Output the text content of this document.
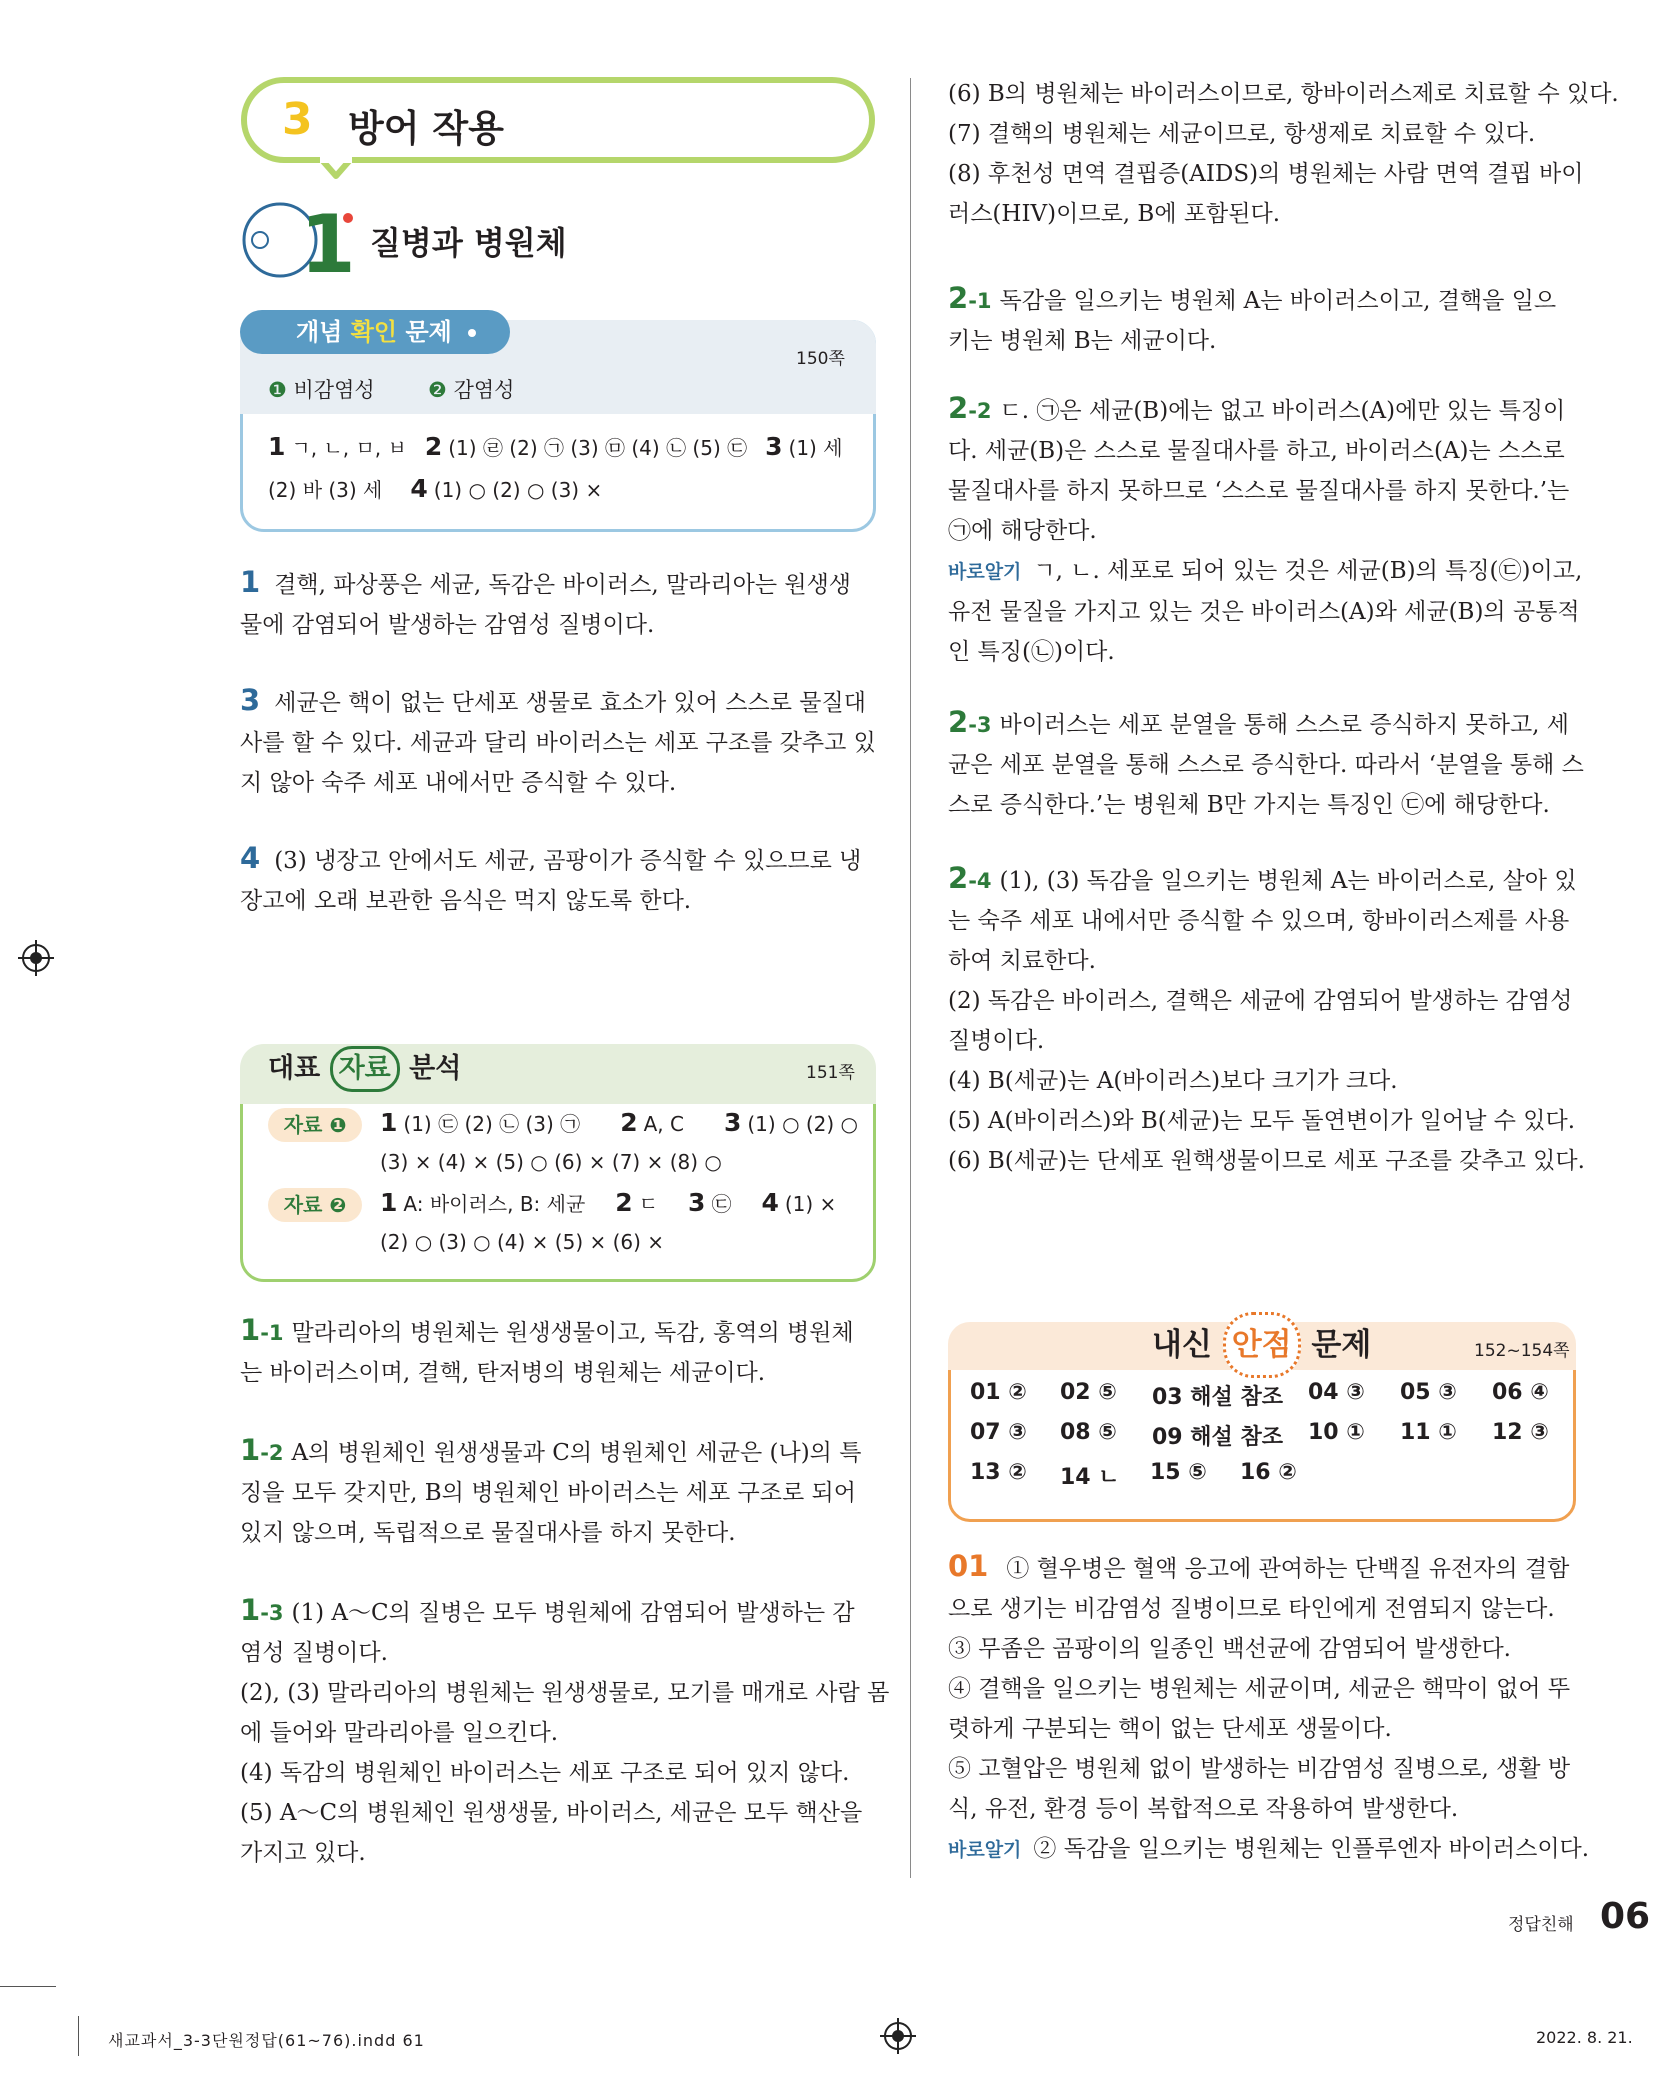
3 방어 작용
1 질병과 병원체
개념 확인 문제
150쪽
❶ 비감염성	❷ 감염성
1 ㄱ, ㄴ, ㅁ, ㅂ 2 (1) ㉣ (2) ㉠ (3) ㉤ (4) ㉡ (5) ㉢ 3 (1) 세
(2) 바 (3) 세 4 (1) ○ (2) ○ (3) ×
1 결핵, 파상풍은 세균, 독감은 바이러스, 말라리아는 원생생
물에 감염되어 발생하는 감염성 질병이다.
3 세균은 핵이 없는 단세포 생물로 효소가 있어 스스로 물질대
사를 할 수 있다. 세균과 달리 바이러스는 세포 구조를 갖추고 있
지 않아 숙주 세포 내에서만 증식할 수 있다.
4 (3) 냉장고 안에서도 세균, 곰팡이가 증식할 수 있으므로 냉
장고에 오래 보관한 음식은 먹지 않도록 한다.
대표 자료 분석	151쪽
자료 ❶	1 (1) ㉢ (2) ㉡ (3) ㉠ 2 A, C 3 (1) ○ (2) ○
(3) × (4) × (5) ○ (6) × (7) × (8) ○
자료 ❷	1 A: 바이러스, B: 세균 2 ㄷ 3 ㉢ 4 (1) ×
(2) ○ (3) ○ (4) × (5) × (6) ×
1-1 말라리아의 병원체는 원생생물이고, 독감, 홍역의 병원체
는 바이러스이며, 결핵, 탄저병의 병원체는 세균이다.
1-2 A의 병원체인 원생생물과 C의 병원체인 세균은 (나)의 특
징을 모두 갖지만, B의 병원체인 바이러스는 세포 구조로 되어
있지 않으며, 독립적으로 물질대사를 하지 못한다.
1-3 (1) A～C의 질병은 모두 병원체에 감염되어 발생하는 감
염성 질병이다.
(2), (3) 말라리아의 병원체는 원생생물로, 모기를 매개로 사람 몸
에 들어와 말라리아를 일으킨다.
(4) 독감의 병원체인 바이러스는 세포 구조로 되어 있지 않다.
(5) A～C의 병원체인 원생생물, 바이러스, 세균은 모두 핵산을
가지고 있다.
(6) B의 병원체는 바이러스이므로, 항바이러스제로 치료할 수 있다.
(7) 결핵의 병원체는 세균이므로, 항생제로 치료할 수 있다.
(8) 후천성 면역 결핍증(AIDS)의 병원체는 사람 면역 결핍 바이
러스(HIV)이므로, B에 포함된다.
2-1 독감을 일으키는 병원체 A는 바이러스이고, 결핵을 일으
키는 병원체 B는 세균이다.
2-2 ㄷ. ㉠은 세균(B)에는 없고 바이러스(A)에만 있는 특징이
다. 세균(B)은 스스로 물질대사를 하고, 바이러스(A)는 스스로
물질대사를 하지 못하므로 ‘스스로 물질대사를 하지 못한다.’는
㉠에 해당한다.
바로알기 ㄱ, ㄴ. 세포로 되어 있는 것은 세균(B)의 특징(㉢)이고,
유전 물질을 가지고 있는 것은 바이러스(A)와 세균(B)의 공통적
인 특징(㉡)이다.
2-3 바이러스는 세포 분열을 통해 스스로 증식하지 못하고, 세
균은 세포 분열을 통해 스스로 증식한다. 따라서 ‘분열을 통해 스
스로 증식한다.’는 병원체 B만 가지는 특징인 ㉢에 해당한다.
2-4 (1), (3) 독감을 일으키는 병원체 A는 바이러스로, 살아 있
는 숙주 세포 내에서만 증식할 수 있으며, 항바이러스제를 사용
하여 치료한다.
(2) 독감은 바이러스, 결핵은 세균에 감염되어 발생하는 감염성
질병이다.
(4) B(세균)는 A(바이러스)보다 크기가 크다.
(5) A(바이러스)와 B(세균)는 모두 돌연변이가 일어날 수 있다.
(6) B(세균)는 단세포 원핵생물이므로 세포 구조를 갖추고 있다.
내신 안점 문제	152~154쪽
01 ② 02 ⑤ 03 해설 참조 04 ③ 05 ③ 06 ④
07 ③ 08 ⑤ 09 해설 참조 10 ① 11 ① 12 ③
13 ② 14 ㄴ 15 ⑤ 16 ②
01 ① 혈우병은 혈액 응고에 관여하는 단백질 유전자의 결함
으로 생기는 비감염성 질병이므로 타인에게 전염되지 않는다.
③ 무좀은 곰팡이의 일종인 백선균에 감염되어 발생한다.
④ 결핵을 일으키는 병원체는 세균이며, 세균은 핵막이 없어 뚜
렷하게 구분되는 핵이 없는 단세포 생물이다.
⑤ 고혈압은 병원체 없이 발생하는 비감염성 질병으로, 생활 방
식, 유전, 환경 등이 복합적으로 작용하여 발생한다.
바로알기 ② 독감을 일으키는 병원체는 인플루엔자 바이러스이다.
정답친해 06
새교과서_3-3단원정답(61~76).indd 61	2022. 8. 21.
